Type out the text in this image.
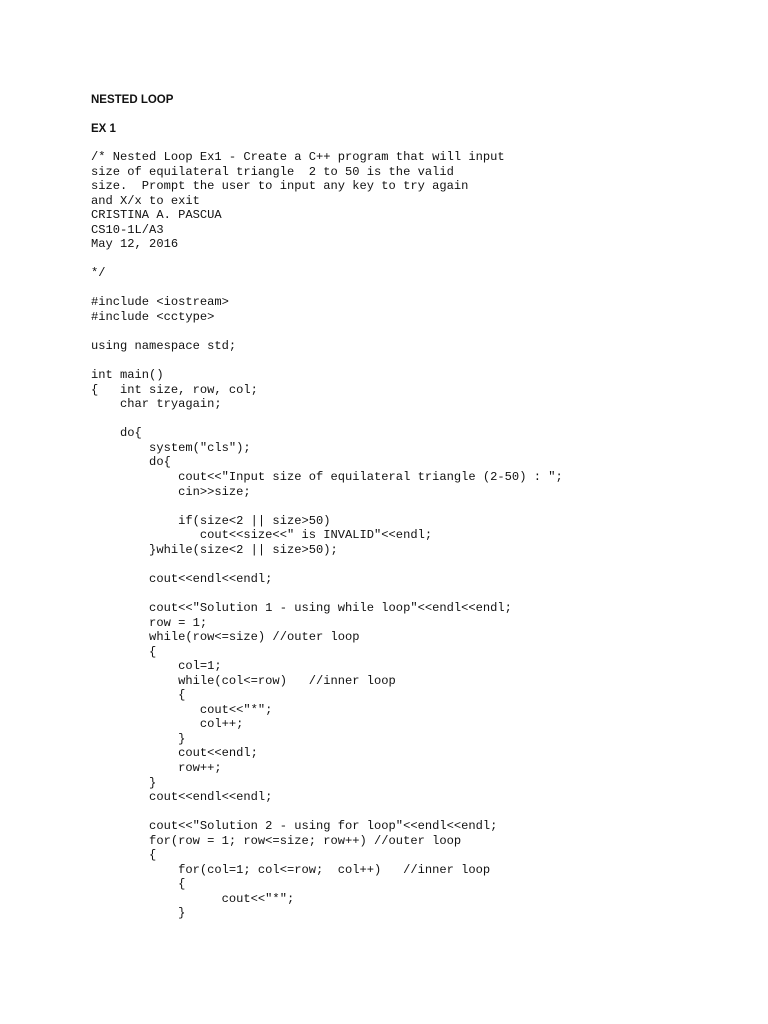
NESTED LOOP
EX 1
/* Nested Loop Ex1 - Create a C++ program that will input
size of equilateral triangle  2 to 50 is the valid
size.  Prompt the user to input any key to try again
and X/x to exit
CRISTINA A. PASCUA
CS10-1L/A3
May 12, 2016
*/
#include <iostream>
#include <cctype>
using namespace std;
int main()
{   int size, row, col;
char tryagain;
do{
system("cls");
do{
cout<<"Input size of equilateral triangle (2-50) : ";
cin>>size;
if(size<2 || size>50)
cout<<size<<" is INVALID"<<endl;
}while(size<2 || size>50);
cout<<endl<<endl;
cout<<"Solution 1 - using while loop"<<endl<<endl;
row = 1;
while(row<=size) //outer loop
{
col=1;
while(col<=row)   //inner loop
{
cout<<"*";
col++;
}
cout<<endl;
row++;
}
cout<<endl<<endl;
cout<<"Solution 2 - using for loop"<<endl<<endl;
for(row = 1; row<=size; row++) //outer loop
{
for(col=1; col<=row;  col++)   //inner loop
{
cout<<"*";
}
